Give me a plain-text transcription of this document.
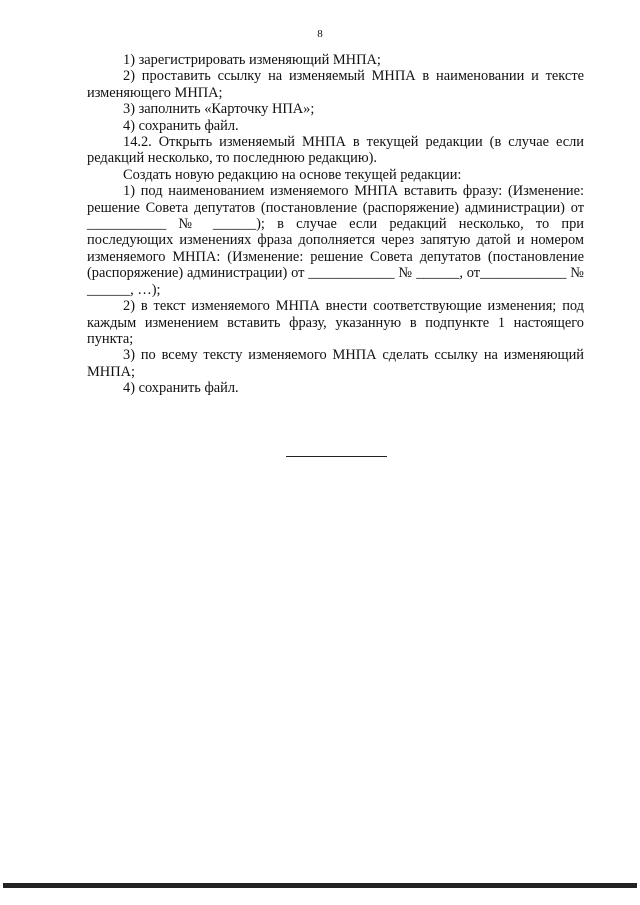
8

1) зарегистрировать изменяющий МНПА;

2) проставить ссылку на изменяемый МНПА в наименовании и тексте изменяющего МНПА;

3) заполнить «Карточку НПА»;

4) сохранить файл.

14.2. Открыть изменяемый МНПА в текущей редакции (в случае если редакций несколько, то последнюю редакцию).

Создать новую редакцию на основе текущей редакции:

1) под наименованием изменяемого МНПА вставить фразу: (Изменение: решение Совета депутатов (постановление (распоряжение) администрации) от ___________ № ______); в случае если редакций несколько, то при последующих изменениях фраза дополняется через запятую датой и номером изменяемого МНПА: (Изменение: решение Совета депутатов (постановление (распоряжение) администрации) от ____________ № ______, от____________ № ______, …);

2) в текст изменяемого МНПА внести соответствующие изменения; под каждым изменением вставить фразу, указанную в подпункте 1 настоящего пункта;

3) по всему тексту изменяемого МНПА сделать ссылку на изменяющий МНПА;

4) сохранить файл.
